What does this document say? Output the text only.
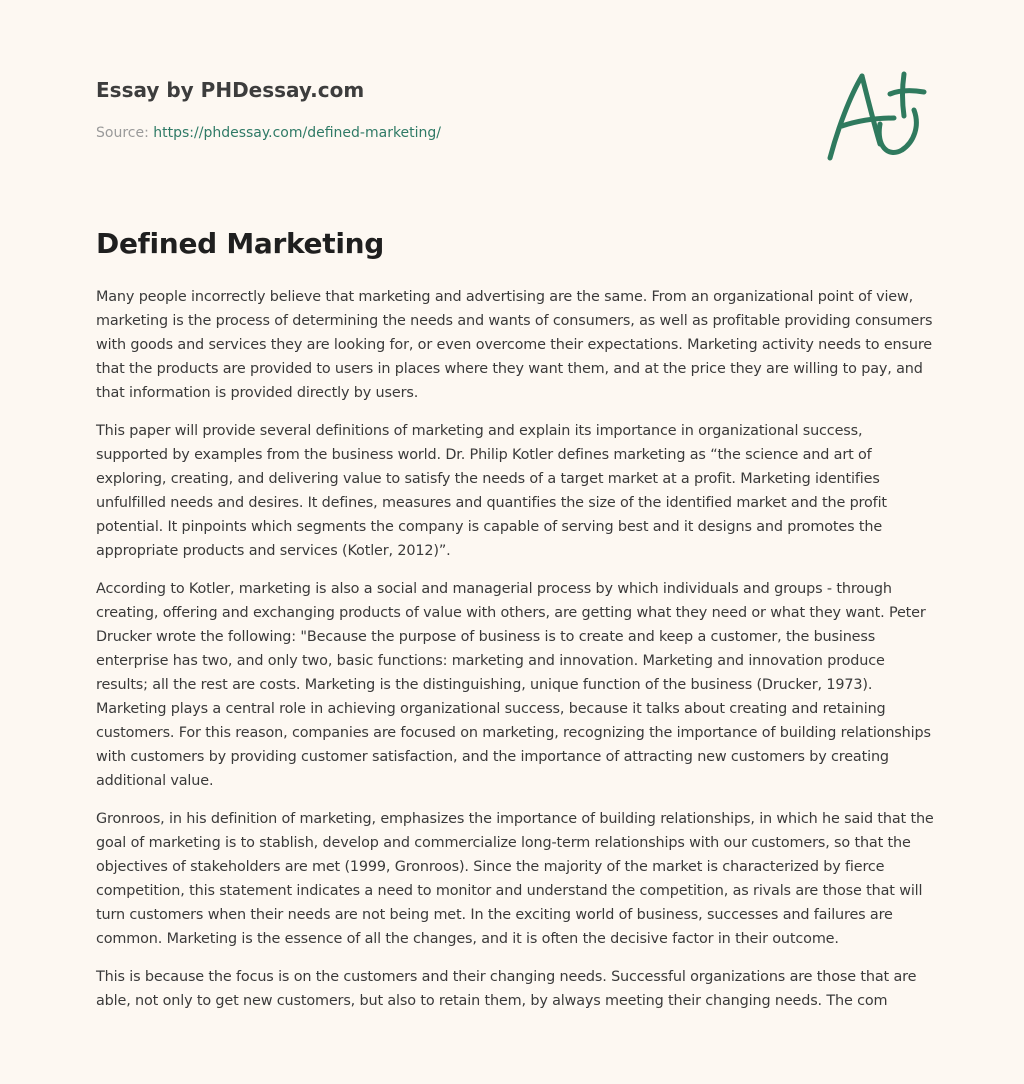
Essay by PHDessay.com
Source: https://phdessay.com/defined-marketing/
Defined Marketing

Many people incorrectly believe that marketing and advertising are the same. From an organizational point of view, marketing is the process of determining the needs and wants of consumers, as well as profitable providing consumers with goods and services they are looking for, or even overcome their expectations. Marketing activity needs to ensure that the products are provided to users in places where they want them, and at the price they are willing to pay, and that information is provided directly by users.

This paper will provide several definitions of marketing and explain its importance in organizational success, supported by examples from the business world. Dr. Philip Kotler defines marketing as “the science and art of exploring, creating, and delivering value to satisfy the needs of a target market at a profit. Marketing identifies unfulfilled needs and desires. It defines, measures and quantifies the size of the identified market and the profit potential. It pinpoints which segments the company is capable of serving best and it designs and promotes the appropriate products and services (Kotler, 2012)”.

According to Kotler, marketing is also a social and managerial process by which individuals and groups - through creating, offering and exchanging products of value with others, are getting what they need or what they want. Peter Drucker wrote the following: "Because the purpose of business is to create and keep a customer, the business enterprise has two, and only two, basic functions: marketing and innovation. Marketing and innovation produce results; all the rest are costs. Marketing is the distinguishing, unique function of the business (Drucker, 1973). Marketing plays a central role in achieving organizational success, because it talks about creating and retaining customers. For this reason, companies are focused on marketing, recognizing the importance of building relationships with customers by providing customer satisfaction, and the importance of attracting new customers by creating additional value.

Gronroos, in his definition of marketing, emphasizes the importance of building relationships, in which he said that the goal of marketing is to stablish, develop and commercialize long-term relationships with our customers, so that the objectives of stakeholders are met (1999, Gronroos). Since the majority of the market is characterized by fierce competition, this statement indicates a need to monitor and understand the competition, as rivals are those that will turn customers when their needs are not being met. In the exciting world of business, successes and failures are common. Marketing is the essence of all the changes, and it is often the decisive factor in their outcome.

This is because the focus is on the customers and their changing needs. Successful organizations are those that are able, not only to get new customers, but also to retain them, by always meeting their changing needs. The com
